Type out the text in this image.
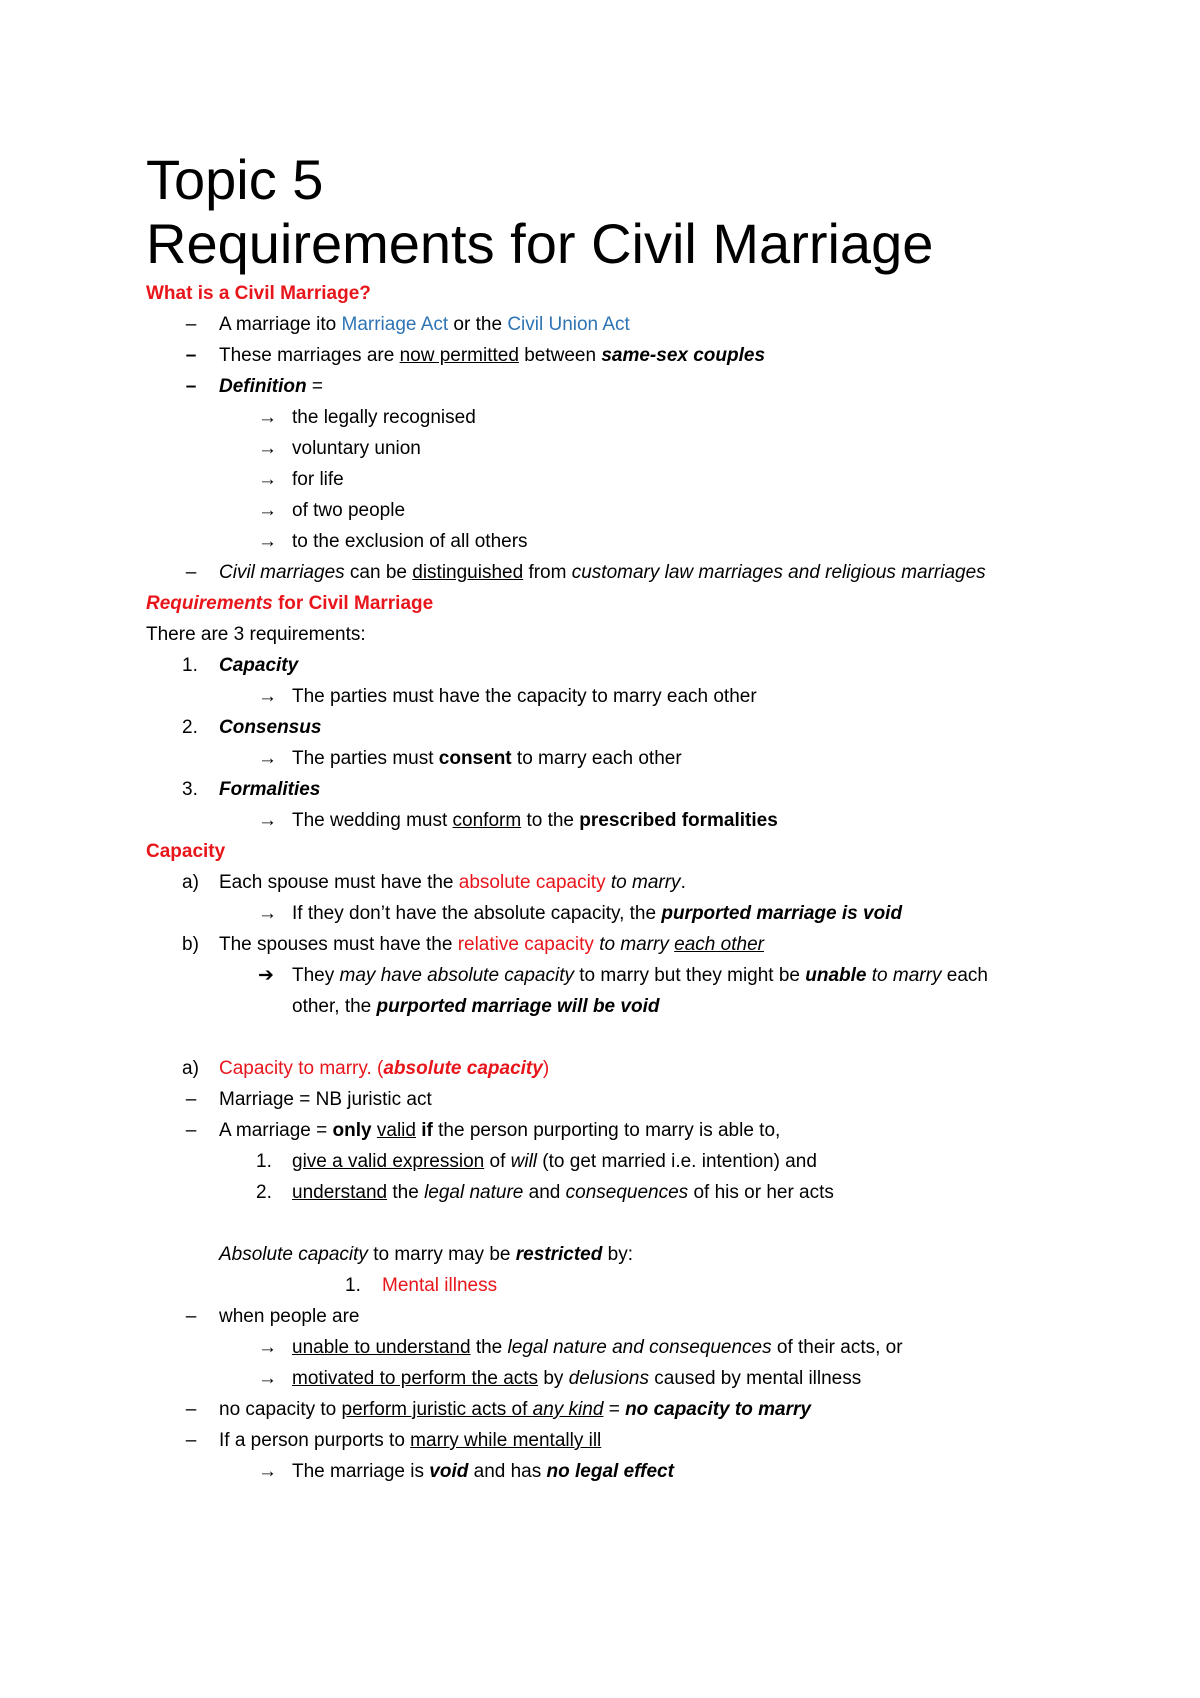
Topic 5
Requirements for Civil Marriage
What is a Civil Marriage?
– A marriage ito Marriage Act or the Civil Union Act
– These marriages are now permitted between same-sex couples
– Definition =
→ the legally recognised
→ voluntary union
→ for life
→ of two people
→ to the exclusion of all others
– Civil marriages can be distinguished from customary law marriages and religious marriages
Requirements for Civil Marriage
There are 3 requirements:
1. Capacity
→ The parties must have the capacity to marry each other
2. Consensus
→ The parties must consent to marry each other
3. Formalities
→ The wedding must conform to the prescribed formalities
Capacity
a) Each spouse must have the absolute capacity to marry.
→ If they don’t have the absolute capacity, the purported marriage is void
b) The spouses must have the relative capacity to marry each other
➔ They may have absolute capacity to marry but they might be unable to marry each
other, the purported marriage will be void
a) Capacity to marry. (absolute capacity)
– Marriage = NB juristic act
– A marriage = only valid if the person purporting to marry is able to,
1. give a valid expression of will (to get married i.e. intention) and
2. understand the legal nature and consequences of his or her acts
Absolute capacity to marry may be restricted by:
1. Mental illness
– when people are
→ unable to understand the legal nature and consequences of their acts, or
→ motivated to perform the acts by delusions caused by mental illness
– no capacity to perform juristic acts of any kind = no capacity to marry
– If a person purports to marry while mentally ill
→ The marriage is void and has no legal effect
